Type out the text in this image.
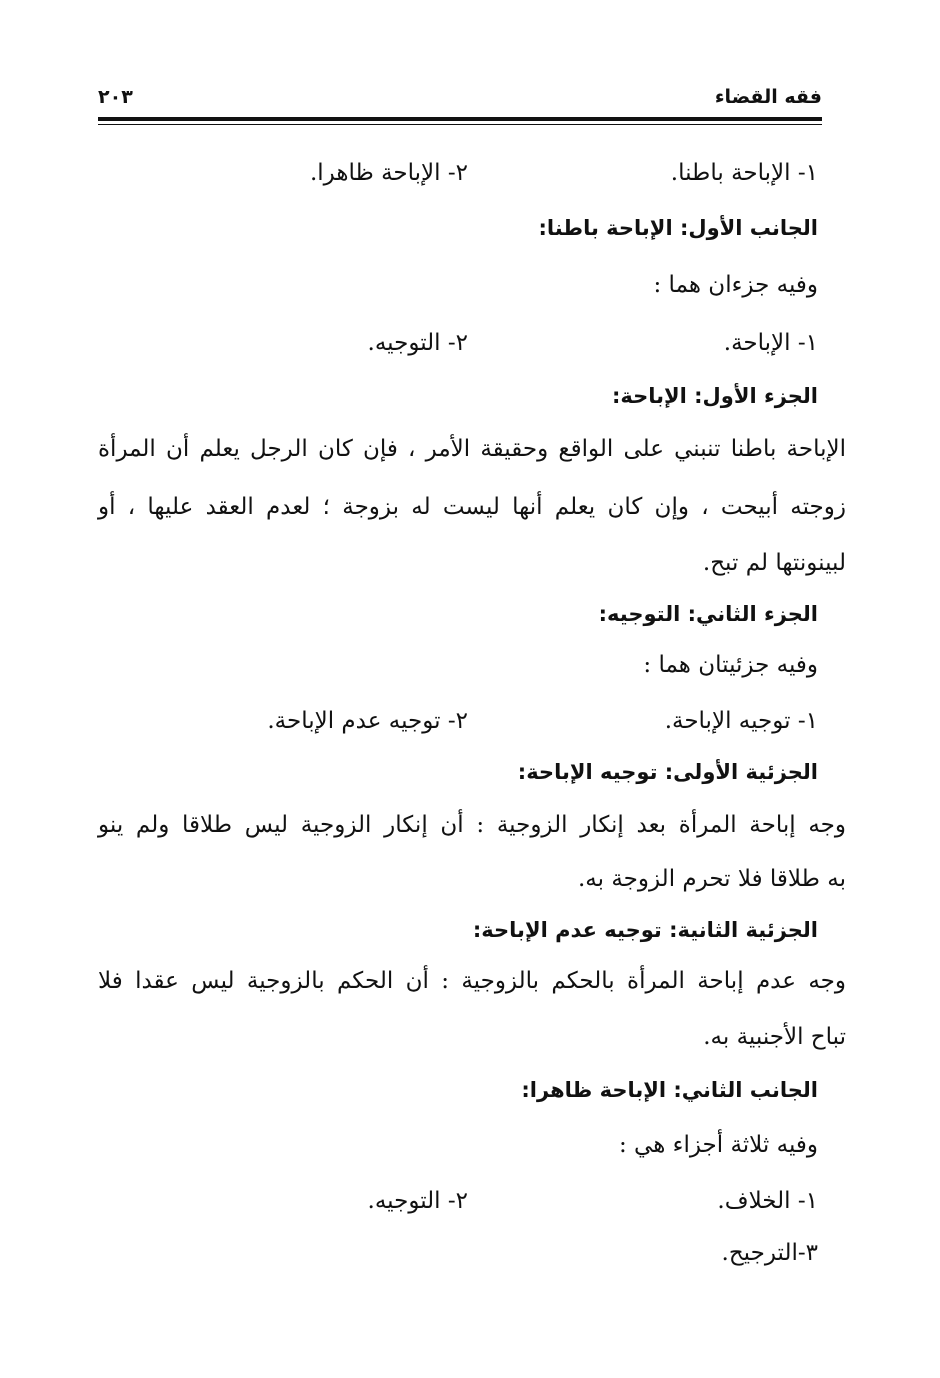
فقه القضاء
٢٠٣
١- الإباحة باطنا.
٢- الإباحة ظاهرا.
الجانب الأول: الإباحة باطنا:
وفيه جزءان هما :
١- الإباحة.
٢- التوجيه.
الجزء الأول: الإباحة:
الإباحة باطنا تنبني على الواقع وحقيقة الأمر ، فإن كان الرجل يعلم أن المرأة
زوجته أبيحت ، وإن كان يعلم أنها ليست له بزوجة ؛ لعدم العقد عليها ، أو
لبينونتها لم تبح.
الجزء الثاني: التوجيه:
وفيه جزئيتان هما :
١- توجيه الإباحة.
٢- توجيه عدم الإباحة.
الجزئية الأولى: توجيه الإباحة:
وجه إباحة المرأة بعد إنكار الزوجية : أن إنكار الزوجية ليس طلاقا ولم ينو
به طلاقا فلا تحرم الزوجة به.
الجزئية الثانية: توجيه عدم الإباحة:
وجه عدم إباحة المرأة بالحكم بالزوجية : أن الحكم بالزوجية ليس عقدا فلا
تباح الأجنبية به.
الجانب الثاني: الإباحة ظاهرا:
وفيه ثلاثة أجزاء هي :
١- الخلاف.
٢- التوجيه.
٣-الترجيح.
